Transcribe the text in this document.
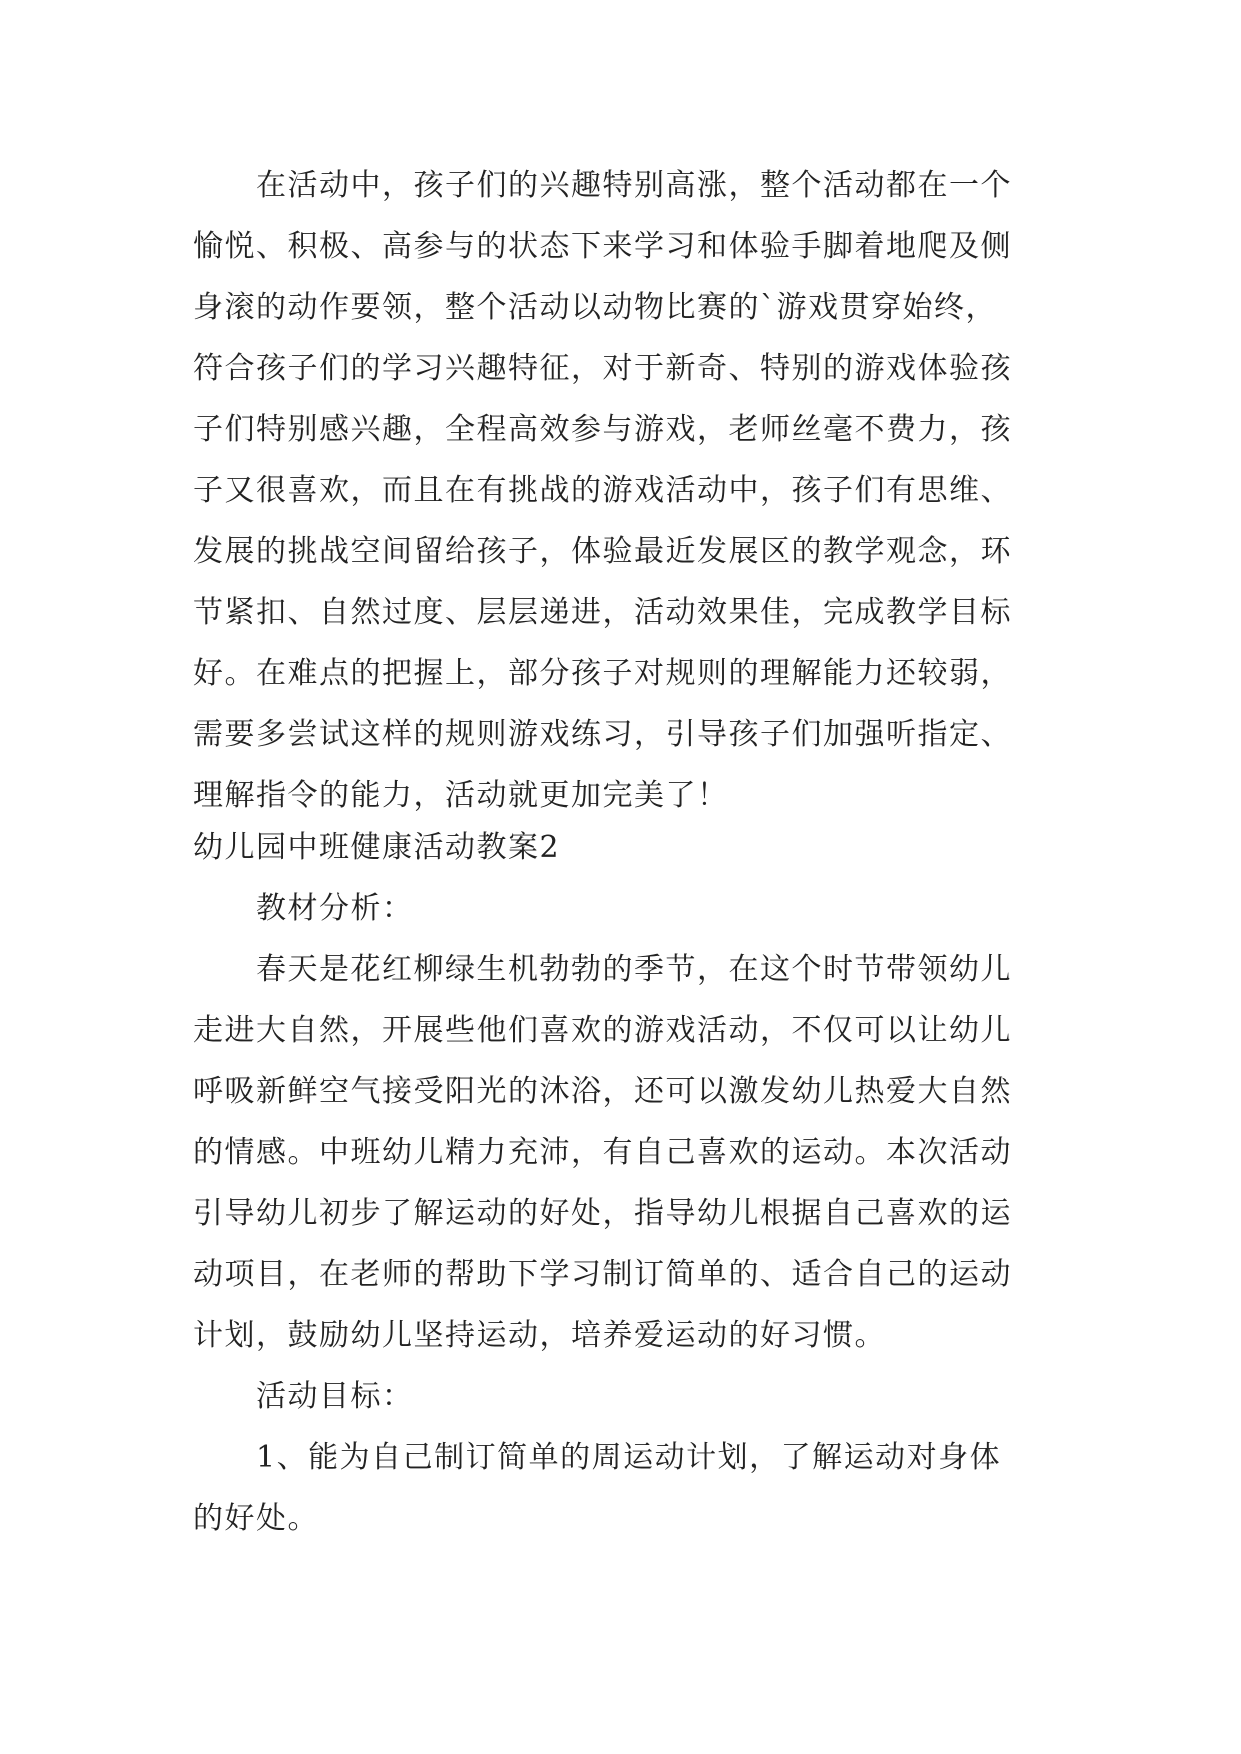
在活动中，孩子们的兴趣特别高涨，整个活动都在一个
愉悦、积极、高参与的状态下来学习和体验手脚着地爬及侧
身滚的动作要领，整个活动以动物比赛的`游戏贯穿始终，
符合孩子们的学习兴趣特征，对于新奇、特别的游戏体验孩
子们特别感兴趣，全程高效参与游戏，老师丝毫不费力，孩
子又很喜欢，而且在有挑战的游戏活动中，孩子们有思维、
发展的挑战空间留给孩子，体验最近发展区的教学观念，环
节紧扣、自然过度、层层递进，活动效果佳，完成教学目标
好。在难点的把握上，部分孩子对规则的理解能力还较弱，
需要多尝试这样的规则游戏练习，引导孩子们加强听指定、
理解指令的能力，活动就更加完美了！
幼儿园中班健康活动教案2
教材分析：
春天是花红柳绿生机勃勃的季节，在这个时节带领幼儿
走进大自然，开展些他们喜欢的游戏活动，不仅可以让幼儿
呼吸新鲜空气接受阳光的沐浴，还可以激发幼儿热爱大自然
的情感。中班幼儿精力充沛，有自己喜欢的运动。本次活动
引导幼儿初步了解运动的好处，指导幼儿根据自己喜欢的运
动项目，在老师的帮助下学习制订简单的、适合自己的运动
计划，鼓励幼儿坚持运动，培养爱运动的好习惯。
活动目标：
1、能为自己制订简单的周运动计划，了解运动对身体
的好处。
